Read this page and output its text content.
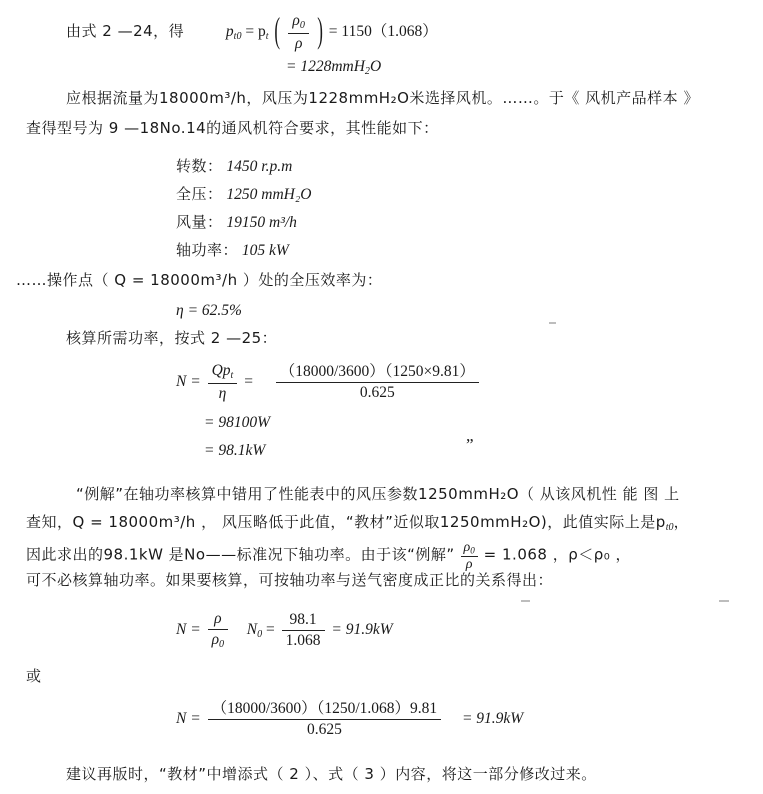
由式 2 —24，得	$p_{t0} = p_t$ ( $\frac{\rho_0}{\rho}$
) = 1150（1.068）
= 1228mmH$_2$O
应根据流量为18000m³/h，风压为1228mmH₂O米选择风机。……。于《 风机产品样本 》
查得型号为 9 —18No.14的通风机符合要求，其性能如下：
转数： 1450 r.p.m
全压： 1250 mmH₂O
风量： 19150 m³/h
轴功率： 105 kW
……操作点（ Q = 18000m³/h ）处的全压效率为：
η = 62.5%
核算所需功率，按式 2 —25：
$N = \frac{Qp_t}{\eta} = \frac{(18000/3600)(1250\times 9.81)}{0.625}$
= 98100W
= 98.1kW	”
“例解”在轴功率核算中错用了性能表中的风压参数1250mmH₂O（ 从该风机性 能 图 上
查知，Q = 18000m³/h ， 风压略低于此值，“教材”近似取1250mmH₂O)，此值实际上是$p_{t0}$，
因此求出的98.1kW 是No——标准况下轴功率。由于该“例解” $\frac{\rho_0}{\rho} = 1.068$ ，ρ＜ρ₀ ，
可不必核算轴功率。如果要核算，可按轴功率与送气密度成正比的关系得出：
$N = \frac{\rho}{\rho_0} N_0 = \frac{98.1}{1.068} = 91.9kW$
或
$N = \frac{(18000/3600)(1250/1.068)9.81}{0.625} = 91.9kW$
建议再版时，“教材”中增添式（ 2 ）、式（ 3 ）内容，将这一部分修改过来。
